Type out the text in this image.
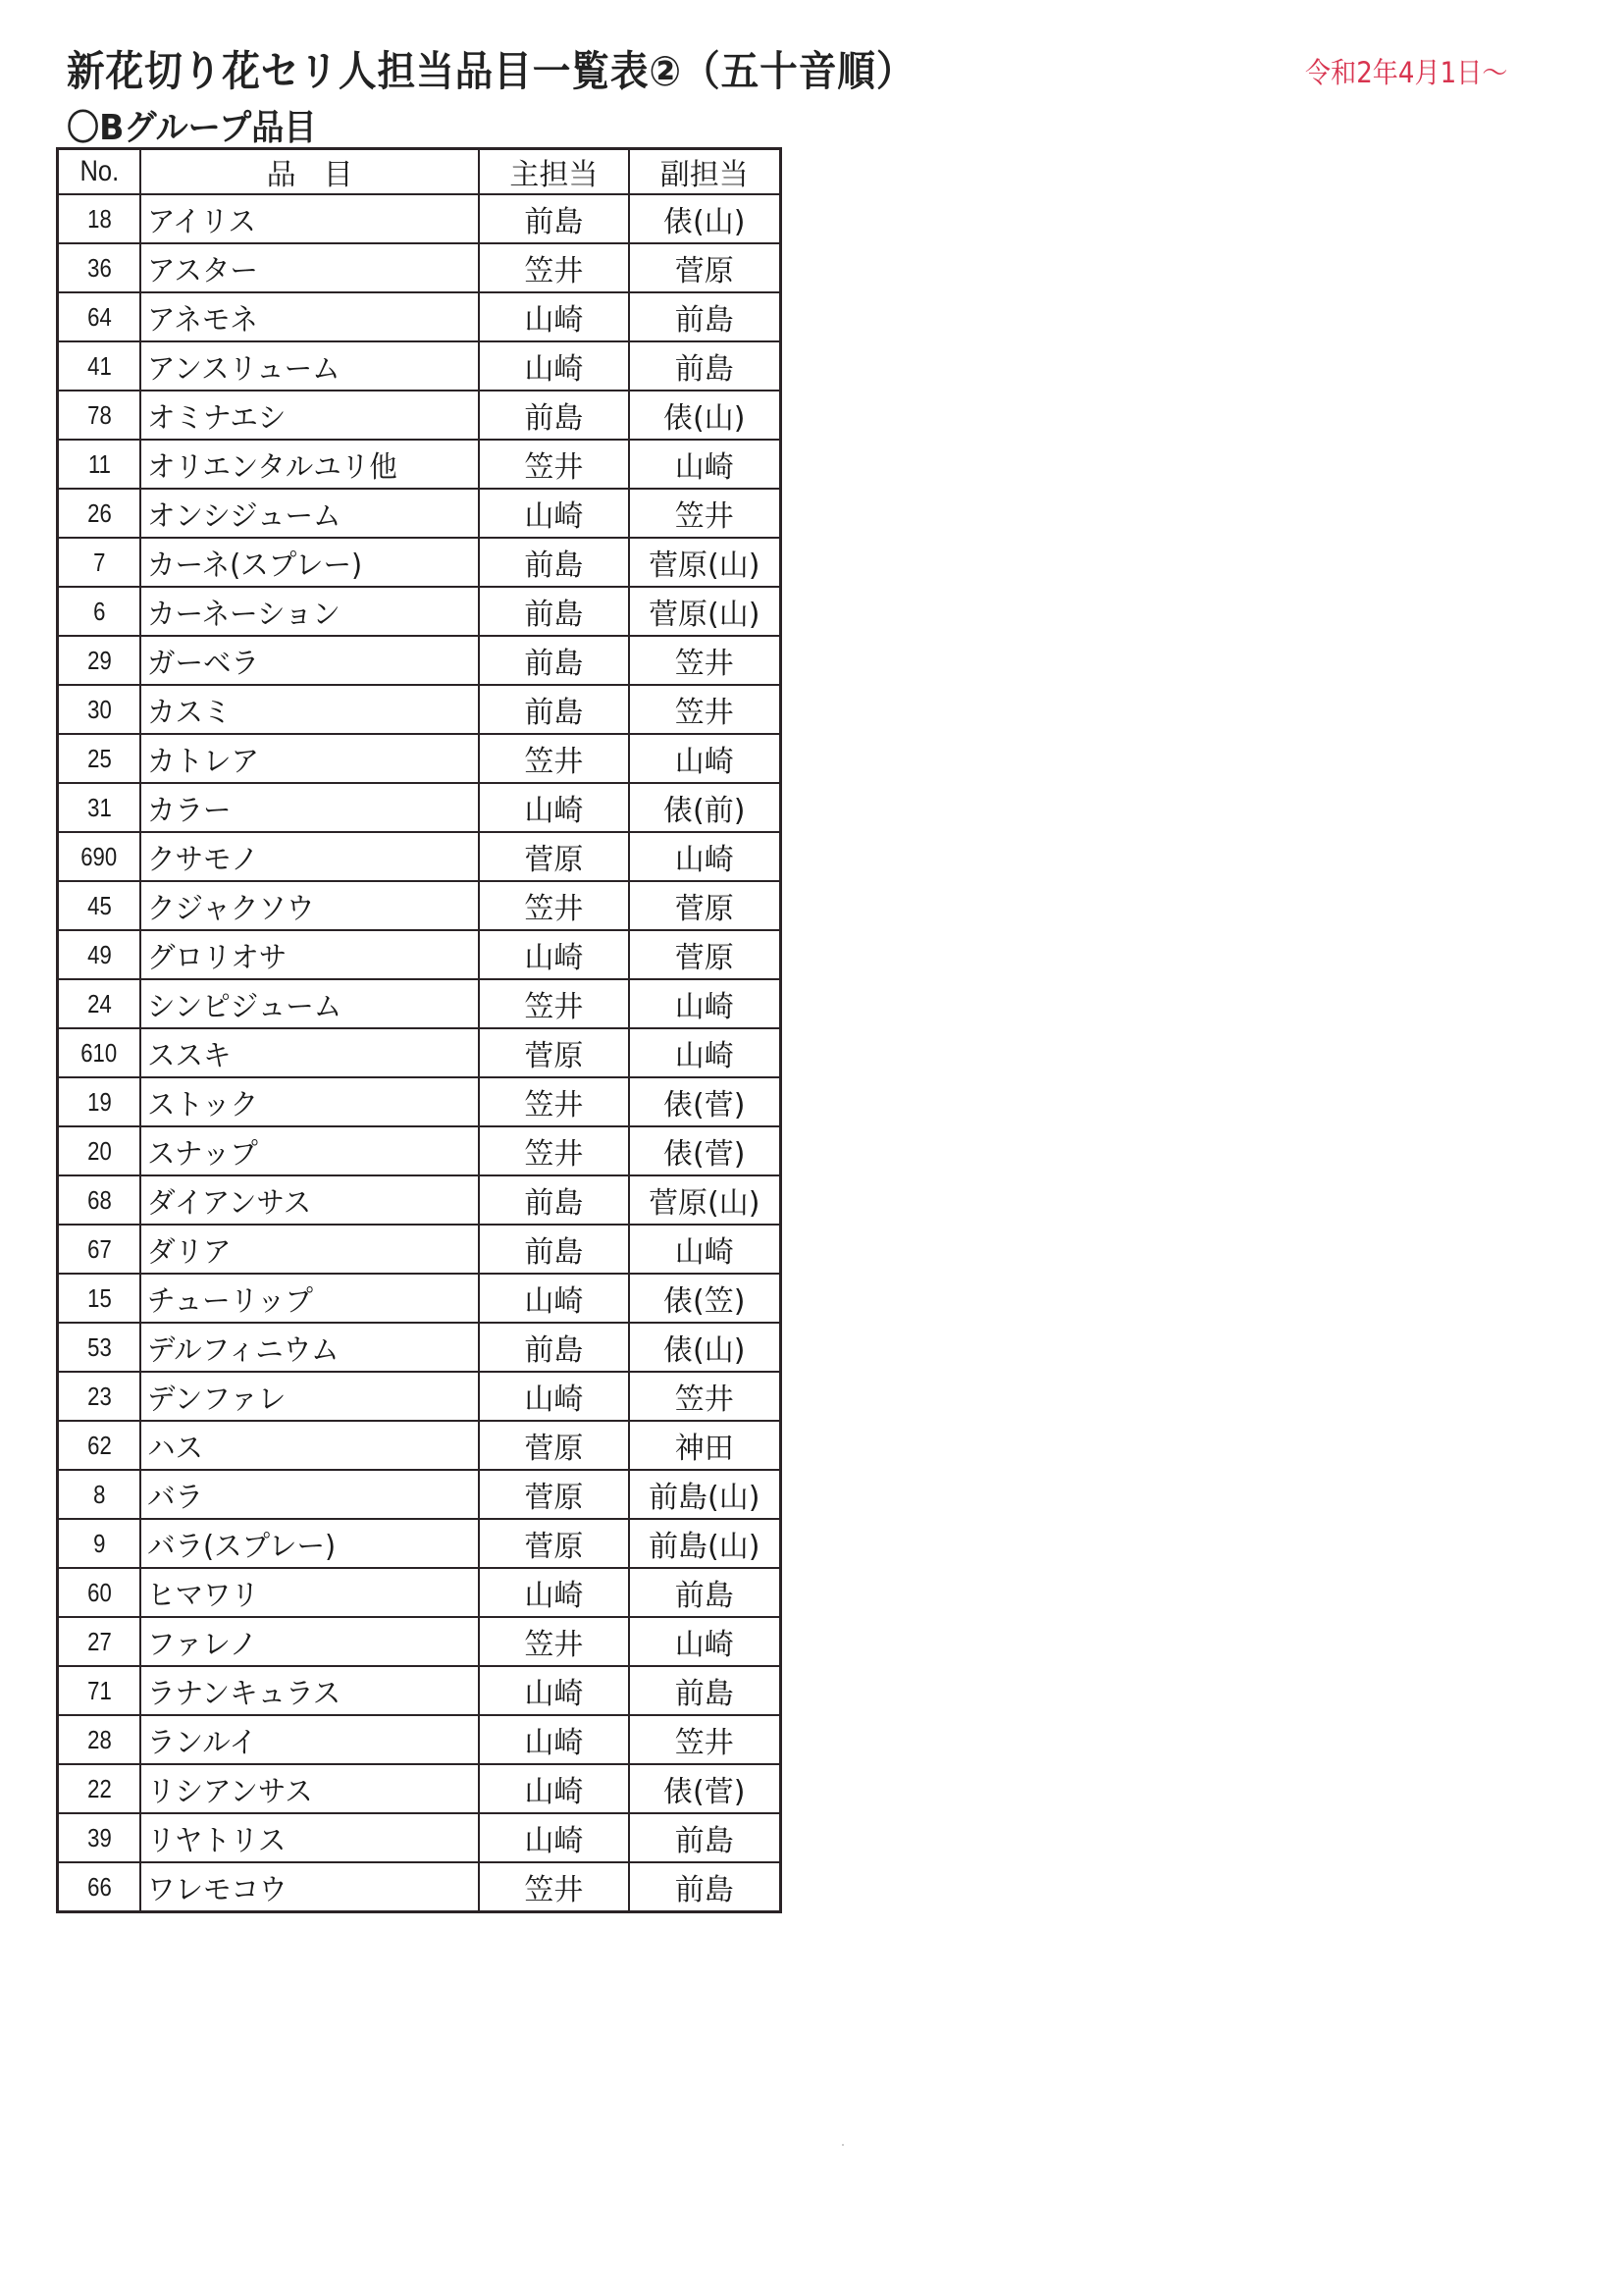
新花切り花セリ人担当品目一覧表②（五十音順）	令和2年4月1日～
〇Bグループ品目
No.	品目	主担当	副担当
18	アイリス	前島	俵(山)
36	アスター	笠井	菅原
64	アネモネ	山崎	前島
41	アンスリューム	山崎	前島
78	オミナエシ	前島	俵(山)
11	オリエンタルユリ他	笠井	山崎
26	オンシジューム	山崎	笠井
7	カーネ(スプレー)	前島	菅原(山)
6	カーネーション	前島	菅原(山)
29	ガーベラ	前島	笠井
30	カスミ	前島	笠井
25	カトレア	笠井	山崎
31	カラー	山崎	俵(前)
690	クサモノ	菅原	山崎
45	クジャクソウ	笠井	菅原
49	グロリオサ	山崎	菅原
24	シンピジューム	笠井	山崎
610	ススキ	菅原	山崎
19	ストック	笠井	俵(菅)
20	スナップ	笠井	俵(菅)
68	ダイアンサス	前島	菅原(山)
67	ダリア	前島	山崎
15	チューリップ	山崎	俵(笠)
53	デルフィニウム	前島	俵(山)
23	デンファレ	山崎	笠井
62	ハス	菅原	神田
8	バラ	菅原	前島(山)
9	バラ(スプレー)	菅原	前島(山)
60	ヒマワリ	山崎	前島
27	ファレノ	笠井	山崎
71	ラナンキュラス	山崎	前島
28	ランルイ	山崎	笠井
22	リシアンサス	山崎	俵(菅)
39	リヤトリス	山崎	前島
66	ワレモコウ	笠井	前島
